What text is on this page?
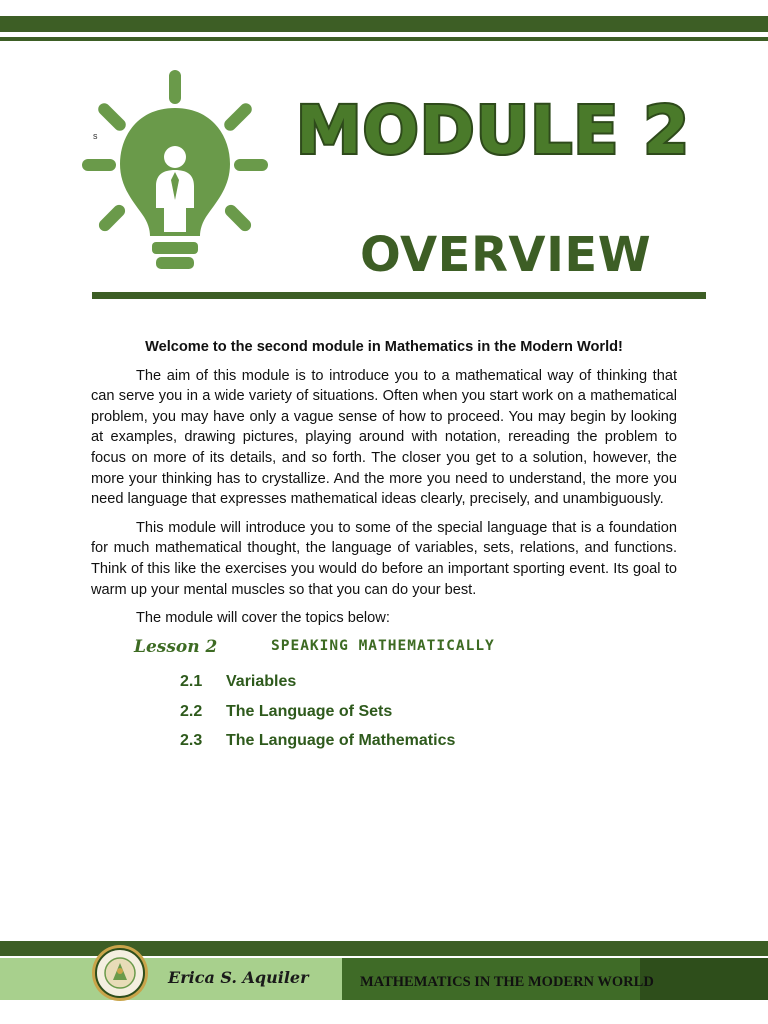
s	MODULE 2
OVERVIEW

Welcome to the second module in Mathematics in the Modern World!

The aim of this module is to introduce you to a mathematical way of thinking that can serve you in a wide variety of situations. Often when you start work on a mathematical problem, you may have only a vague sense of how to proceed. You may begin by looking at examples, drawing pictures, playing around with notation, rereading the problem to focus on more of its details, and so forth. The closer you get to a solution, however, the more your thinking has to crystallize. And the more you need to understand, the more you need language that expresses mathematical ideas clearly, precisely, and unambiguously.

This module will introduce you to some of the special language that is a foundation for much mathematical thought, the language of variables, sets, relations, and functions. Think of this like the exercises you would do before an important sporting event. Its goal to warm up your mental muscles so that you can do your best.

The module will cover the topics below:

Lesson 2	SPEAKING MATHEMATICALLY
2.1	Variables
2.2	The Language of Sets
2.3	The Language of Mathematics
Erica S. Aquiler	MATHEMATICS IN THE MODERN WORLD
